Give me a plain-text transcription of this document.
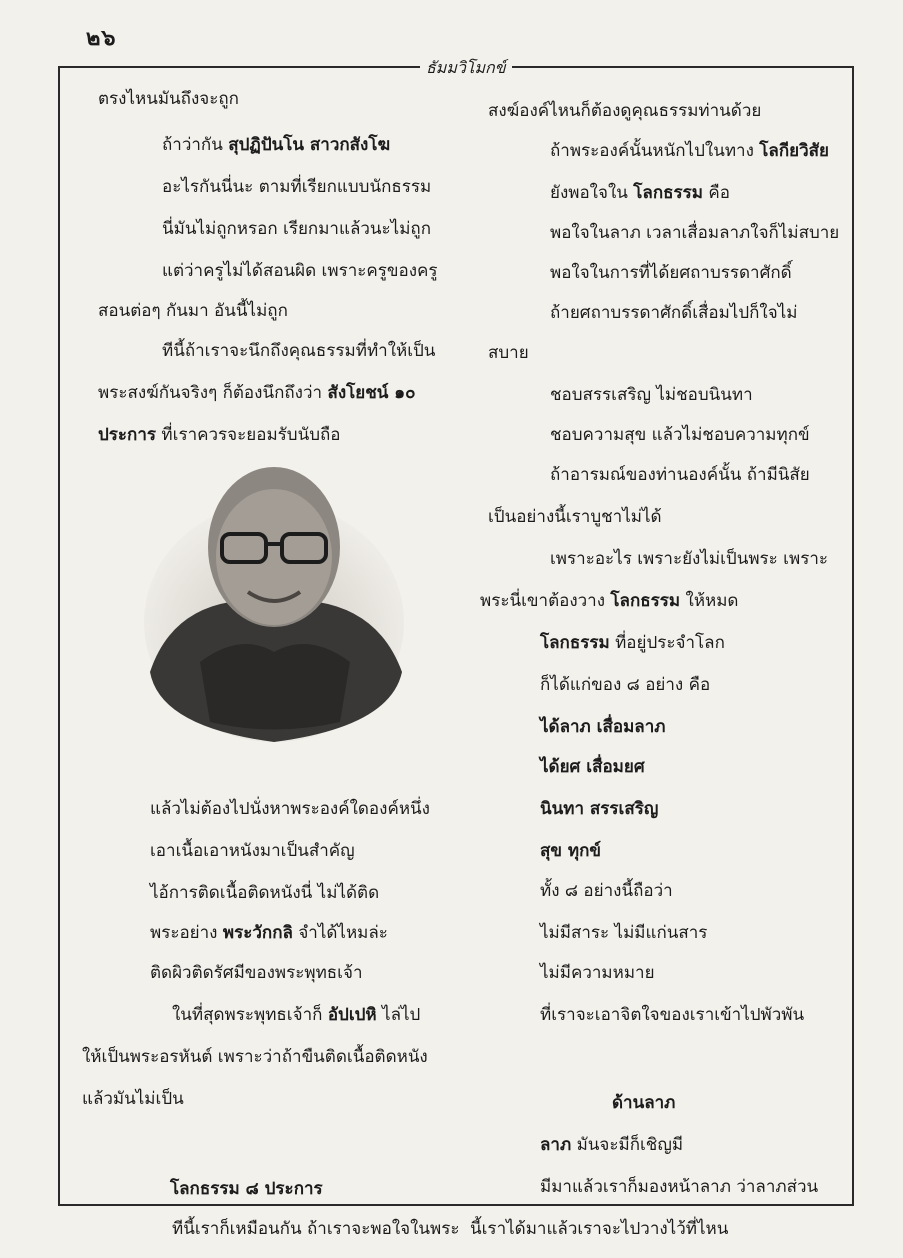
๒๖
ธัมมวิโมกข์
ตรงไหนมันถึงจะถูก
ถ้าว่ากัน สุปฏิปันโน สาวกสังโฆ
อะไรกันนี่นะ ตามที่เรียกแบบนักธรรม
นี่มันไม่ถูกหรอก เรียกมาแล้วนะไม่ถูก
แต่ว่าครูไม่ได้สอนผิด เพราะครูของครู
สอนต่อๆ กันมา อันนี้ไม่ถูก
ทีนี้ถ้าเราจะนึกถึงคุณธรรมที่ทำให้เป็น
พระสงฆ์กันจริงๆ ก็ต้องนึกถึงว่า สังโยชน์ ๑๐
ประการ ที่เราควรจะยอมรับนับถือ
แล้วไม่ต้องไปนั่งหาพระองค์ใดองค์หนึ่ง
เอาเนื้อเอาหนังมาเป็นสำคัญ
ไอ้การติดเนื้อติดหนังนี่ ไม่ได้ติด
พระอย่าง พระวักกลิ จำได้ไหมล่ะ
ติดผิวติดรัศมีของพระพุทธเจ้า
ในที่สุดพระพุทธเจ้าก็ อัปเปหิ ไล่ไป
ให้เป็นพระอรหันต์ เพราะว่าถ้าขืนติดเนื้อติดหนัง
แล้วมันไม่เป็น
โลกธรรม ๘ ประการ
ทีนี้เราก็เหมือนกัน ถ้าเราจะพอใจในพระ
สงฆ์องค์ไหนก็ต้องดูคุณธรรมท่านด้วย
ถ้าพระองค์นั้นหนักไปในทาง โลกียวิสัย
ยังพอใจใน โลกธรรม คือ
พอใจในลาภ เวลาเสื่อมลาภใจก็ไม่สบาย
พอใจในการที่ได้ยศถาบรรดาศักดิ์
ถ้ายศถาบรรดาศักดิ์เสื่อมไปก็ใจไม่
สบาย
ชอบสรรเสริญ ไม่ชอบนินทา
ชอบความสุข แล้วไม่ชอบความทุกข์
ถ้าอารมณ์ของท่านองค์นั้น ถ้ามีนิสัย
เป็นอย่างนี้เราบูชาไม่ได้
เพราะอะไร เพราะยังไม่เป็นพระ เพราะ
พระนี่เขาต้องวาง โลกธรรม ให้หมด
โลกธรรม ที่อยู่ประจำโลก
ก็ได้แก่ของ ๘ อย่าง คือ
ได้ลาภ เสื่อมลาภ
ได้ยศ เสื่อมยศ
นินทา สรรเสริญ
สุข ทุกข์
ทั้ง ๘ อย่างนี้ถือว่า
ไม่มีสาระ ไม่มีแก่นสาร
ไม่มีความหมาย
ที่เราจะเอาจิตใจของเราเข้าไปพัวพัน
ด้านลาภ
ลาภ มันจะมีก็เชิญมี
มีมาแล้วเราก็มองหน้าลาภ ว่าลาภส่วน
นี้เราได้มาแล้วเราจะไปวางไว้ที่ไหน
